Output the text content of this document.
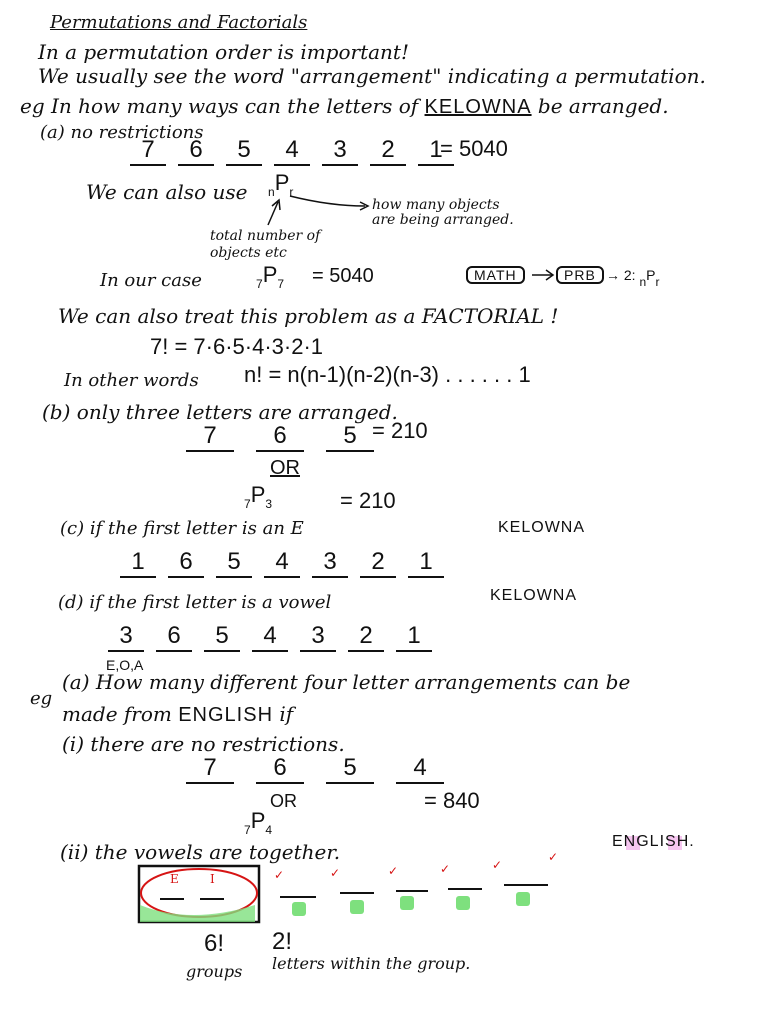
Permutations and Factorials
In a permutation order is important!
We usually see the word "arrangement" indicating a permutation.
eg In how many ways can the letters of KELOWNA be arranged.
(a) no restrictions
7	6	5	4	3	2	1
= 5040
We can also use $_nP_r$
how many objects are being arranged.
total number of objects etc
In our case	$_7P_7 = 5040$	MATH	PRB → 2: nPr
We can also treat this problem as a FACTORIAL !
7! = 7·6·5·4·3·2·1
In other words n! = n(n-1)(n-2)(n-3) . . . . . . 1
(b) only three letters are arranged.
7	6	5 = 210
OR
$_7P_3$	= 210
(c) if the first letter is an E	KELOWNA
1	6	5	4	3	2	1
(d) if the first letter is a vowel	KELOWNA
3	6	5	4	3	2	1
E,O,A
eg
(a) How many different four letter arrangements can be
made from ENGLISH if
(i) there are no restrictions.
7	6	5	4
OR	= 840
$_7P_4$
(ii) the vowels are together.	ENGLISH.
E	I	✓	✓	✓	✓	✓
✓
6! 2!
groups letters within the group.
